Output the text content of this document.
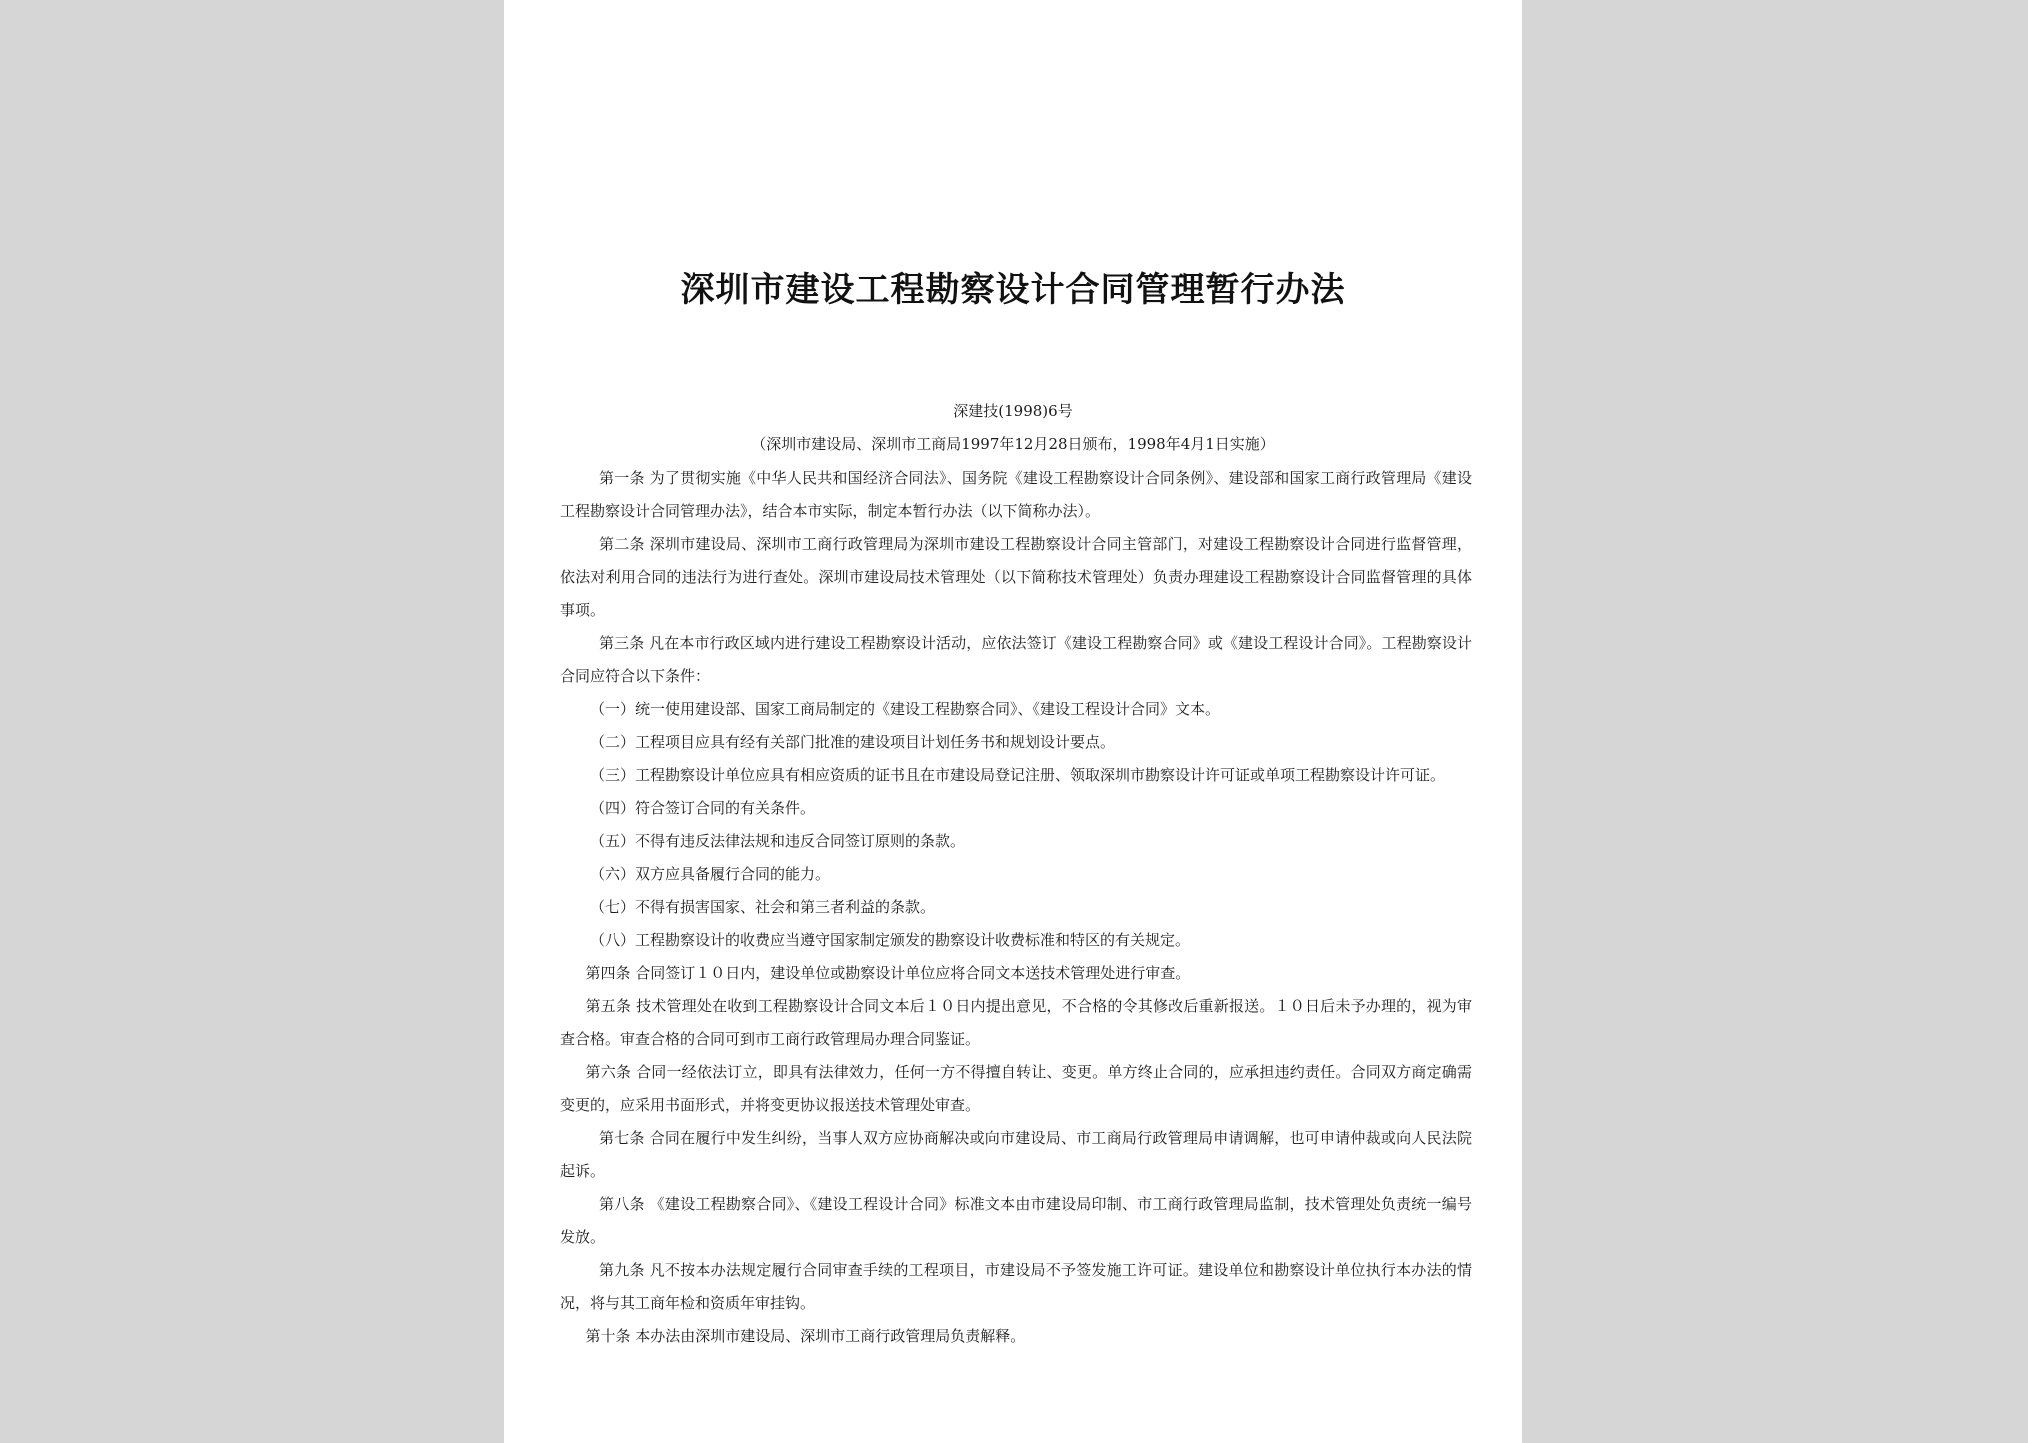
深圳市建设工程勘察设计合同管理暂行办法
深建技(1998)6号
（深圳市建设局、深圳市工商局1997年12月28日颁布，1998年4月1日实施）

第一条 为了贯彻实施《中华人民共和国经济合同法》、国务院《建设工程勘察设计合同条例》、建设部和国家工商行政管理局《建设工程勘察设计合同管理办法》，结合本市实际，制定本暂行办法（以下简称办法）。

第二条 深圳市建设局、深圳市工商行政管理局为深圳市建设工程勘察设计合同主管部门，对建设工程勘察设计合同进行监督管理，依法对利用合同的违法行为进行查处。深圳市建设局技术管理处（以下简称技术管理处）负责办理建设工程勘察设计合同监督管理的具体事项。

第三条 凡在本市行政区域内进行建设工程勘察设计活动，应依法签订《建设工程勘察合同》或《建设工程设计合同》。工程勘察设计合同应符合以下条件：

（一）统一使用建设部、国家工商局制定的《建设工程勘察合同》、《建设工程设计合同》文本。

（二）工程项目应具有经有关部门批准的建设项目计划任务书和规划设计要点。

（三）工程勘察设计单位应具有相应资质的证书且在市建设局登记注册、领取深圳市勘察设计许可证或单项工程勘察设计许可证。

（四）符合签订合同的有关条件。

（五）不得有违反法律法规和违反合同签订原则的条款。

（六）双方应具备履行合同的能力。

（七）不得有损害国家、社会和第三者利益的条款。

（八）工程勘察设计的收费应当遵守国家制定颁发的勘察设计收费标准和特区的有关规定。

第四条 合同签订１０日内，建设单位或勘察设计单位应将合同文本送技术管理处进行审查。

第五条 技术管理处在收到工程勘察设计合同文本后１０日内提出意见，不合格的令其修改后重新报送。１０日后未予办理的，视为审查合格。审查合格的合同可到市工商行政管理局办理合同鉴证。

第六条 合同一经依法订立，即具有法律效力，任何一方不得擅自转让、变更。单方终止合同的，应承担违约责任。合同双方商定确需变更的，应采用书面形式，并将变更协议报送技术管理处审查。

第七条 合同在履行中发生纠纷，当事人双方应协商解决或向市建设局、市工商局行政管理局申请调解，也可申请仲裁或向人民法院起诉。

第八条 《建设工程勘察合同》、《建设工程设计合同》标准文本由市建设局印制、市工商行政管理局监制，技术管理处负责统一编号发放。

第九条 凡不按本办法规定履行合同审查手续的工程项目，市建设局不予签发施工许可证。建设单位和勘察设计单位执行本办法的情况，将与其工商年检和资质年审挂钩。

第十条 本办法由深圳市建设局、深圳市工商行政管理局负责解释。
